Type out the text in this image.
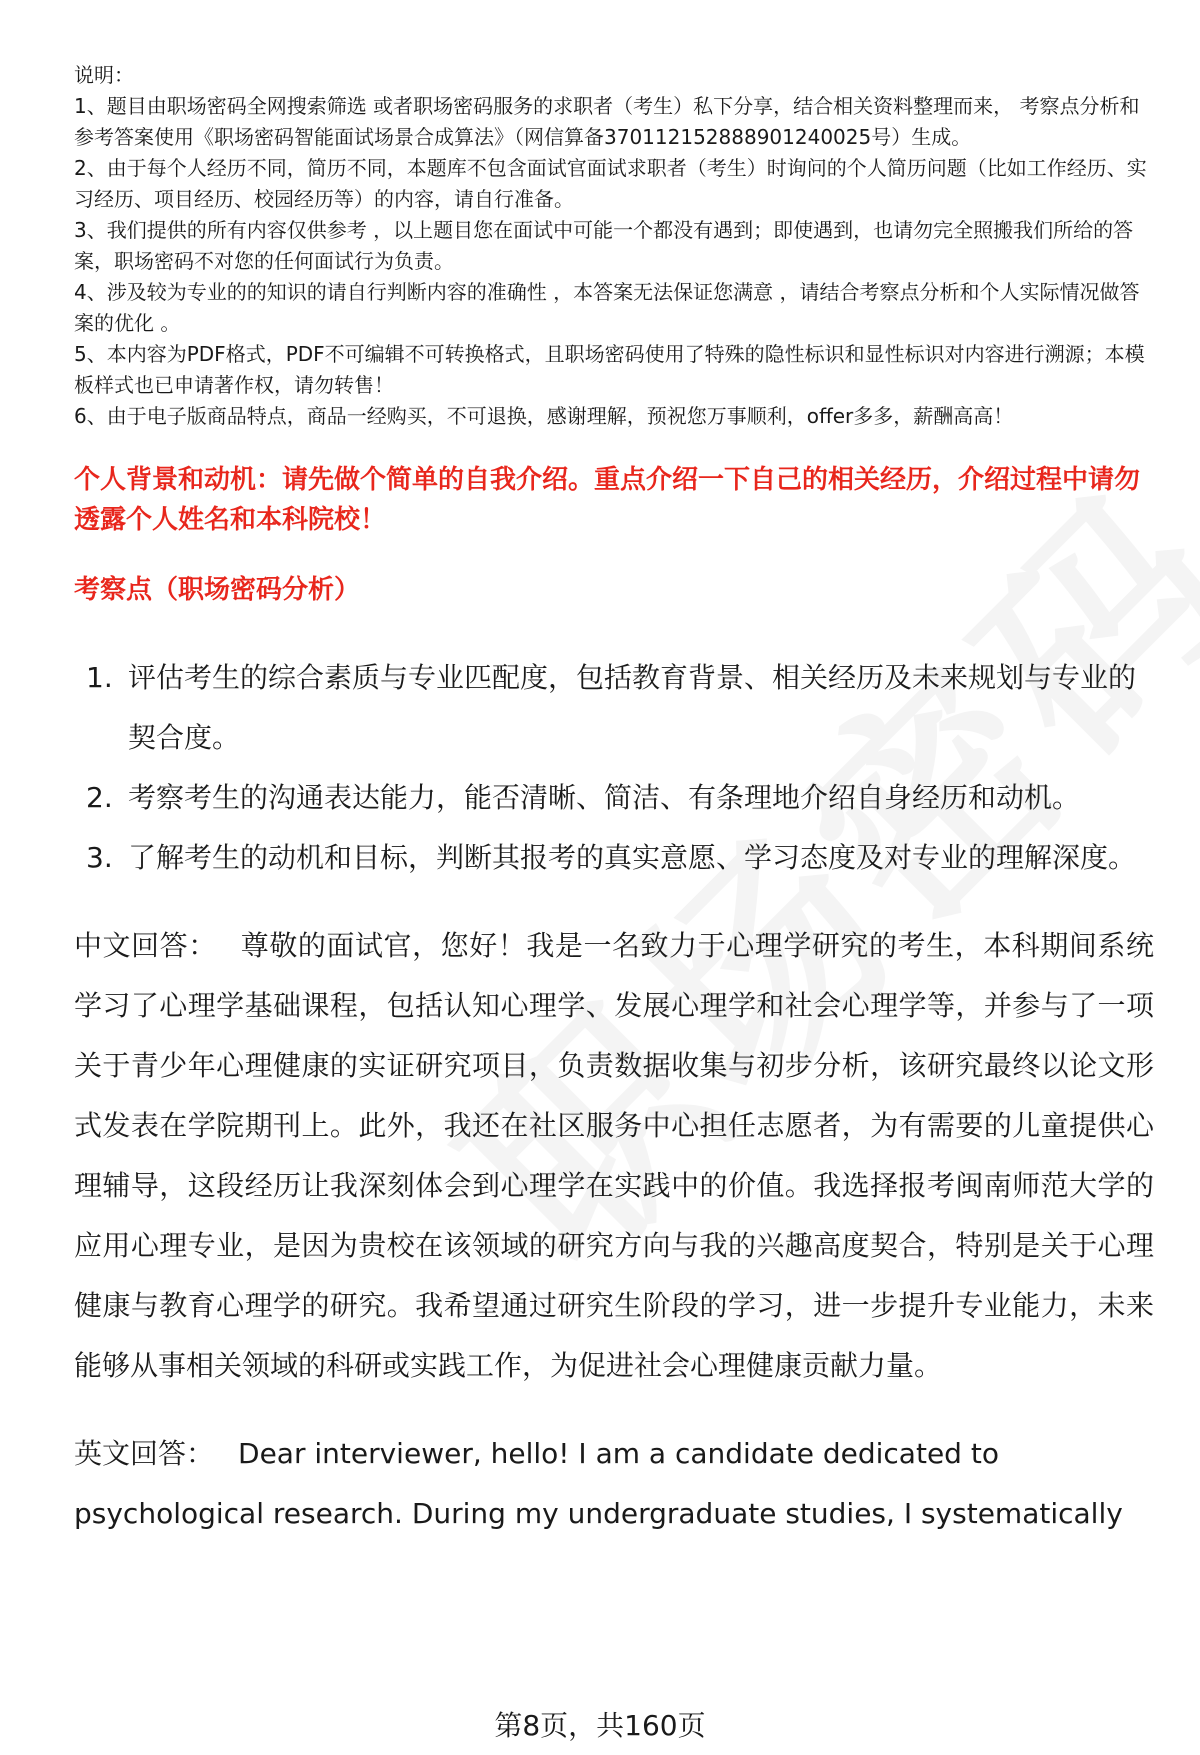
说明：

1、题目由职场密码全网搜索筛选 或者职场密码服务的求职者（考生）私下分享，结合相关资料整理而来， 考察点分析和参考答案使用《职场密码智能面试场景合成算法》（网信算备370112152888901240025号）生成。

2、由于每个人经历不同，简历不同，本题库不包含面试官面试求职者（考生）时询问的个人简历问题（比如工作经历、实习经历、项目经历、校园经历等）的内容，请自行准备。

3、我们提供的所有内容仅供参考 ，以上题目您在面试中可能一个都没有遇到；即使遇到，也请勿完全照搬我们所给的答案，职场密码不对您的任何面试行为负责。

4、涉及较为专业的的知识的请自行判断内容的准确性 ，本答案无法保证您满意 ，请结合考察点分析和个人实际情况做答案的优化 。

5、本内容为PDF格式，PDF不可编辑不可转换格式，且职场密码使用了特殊的隐性标识和显性标识对内容进行溯源；本模板样式也已申请著作权，请勿转售！

6、由于电子版商品特点，商品一经购买，不可退换，感谢理解，预祝您万事顺利，offer多多，薪酬高高！

个人背景和动机：请先做个简单的自我介绍。重点介绍一下自己的相关经历，介绍过程中请勿透露个人姓名和本科院校！
考察点（职场密码分析）
1. 评估考生的综合素质与专业匹配度，包括教育背景、相关经历及未来规划与专业的契合度。
2. 考察考生的沟通表达能力，能否清晰、简洁、有条理地介绍自身经历和动机。
3. 了解考生的动机和目标，判断其报考的真实意愿、学习态度及对专业的理解深度。
中文回答： 尊敬的面试官，您好！我是一名致力于心理学研究的考生，本科期间系统学习了心理学基础课程，包括认知心理学、发展心理学和社会心理学等，并参与了一项关于青少年心理健康的实证研究项目，负责数据收集与初步分析，该研究最终以论文形式发表在学院期刊上。此外，我还在社区服务中心担任志愿者，为有需要的儿童提供心理辅导，这段经历让我深刻体会到心理学在实践中的价值。我选择报考闽南师范大学的应用心理专业，是因为贵校在该领域的研究方向与我的兴趣高度契合，特别是关于心理健康与教育心理学的研究。我希望通过研究生阶段的学习，进一步提升专业能力，未来能够从事相关领域的科研或实践工作，为促进社会心理健康贡献力量。
英文回答： Dear interviewer, hello! I am a candidate dedicated to psychological research. During my undergraduate studies, I systematically
第8页，共160页
